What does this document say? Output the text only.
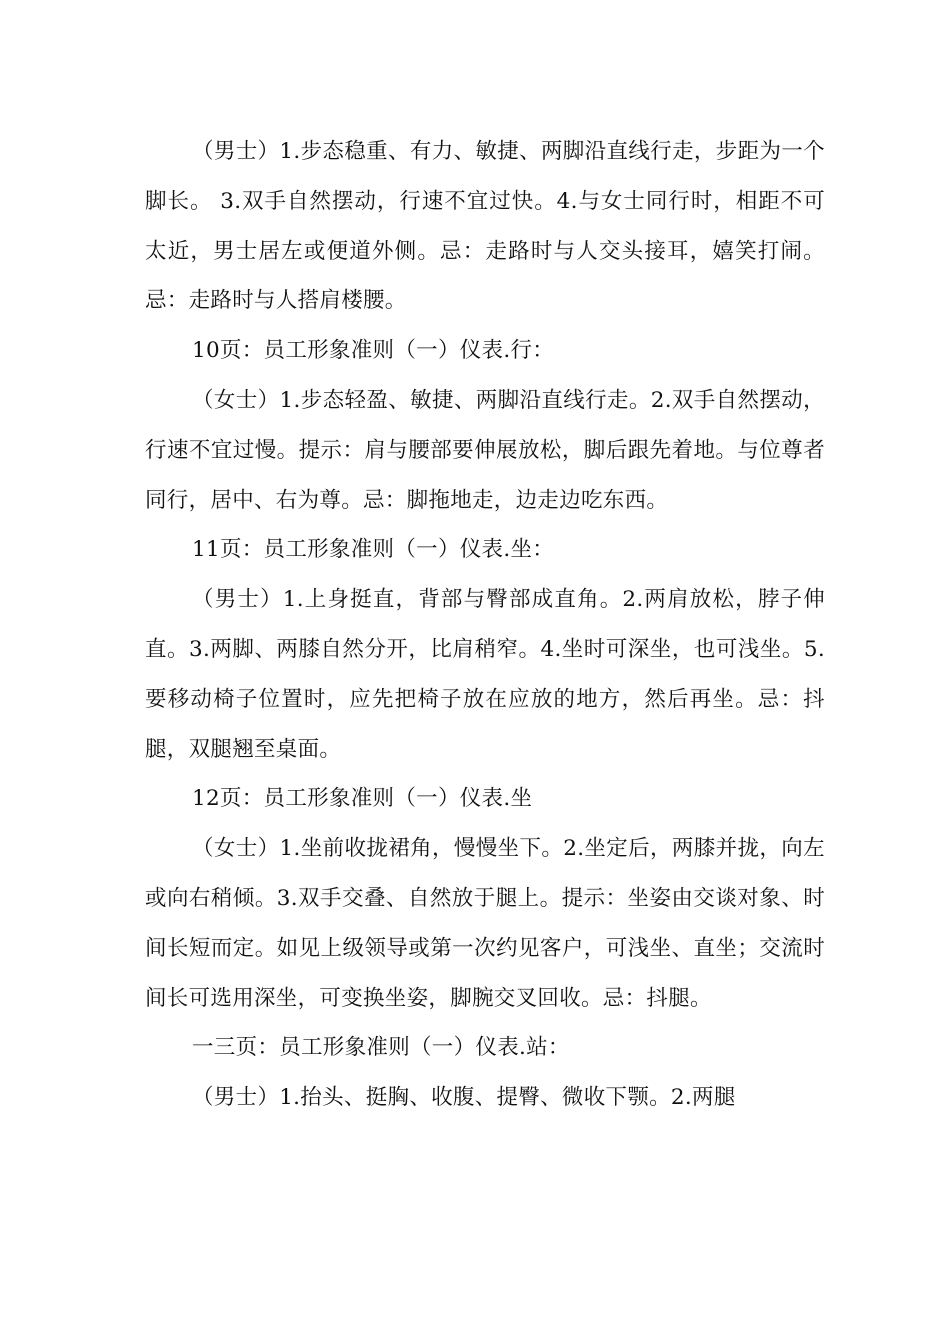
（男士）1.步态稳重、有力、敏捷、两脚沿直线行走，步距为一个脚长。 3.双手自然摆动，行速不宜过快。4.与女士同行时，相距不可太近，男士居左或便道外侧。忌：走路时与人交头接耳，嬉笑打闹。忌：走路时与人搭肩楼腰。

10页：员工形象准则（一）仪表.行：

（女士）1.步态轻盈、敏捷、两脚沿直线行走。2.双手自然摆动，行速不宜过慢。提示：肩与腰部要伸展放松，脚后跟先着地。与位尊者同行，居中、右为尊。忌：脚拖地走，边走边吃东西。

11页：员工形象准则（一）仪表.坐：

（男士）1.上身挺直，背部与臀部成直角。2.两肩放松，脖子伸直。3.两脚、两膝自然分开，比肩稍窄。4.坐时可深坐，也可浅坐。5.要移动椅子位置时，应先把椅子放在应放的地方，然后再坐。忌：抖腿，双腿翘至桌面。

12页：员工形象准则（一）仪表.坐

（女士）1.坐前收拢裙角，慢慢坐下。2.坐定后，两膝并拢，向左或向右稍倾。3.双手交叠、自然放于腿上。提示：坐姿由交谈对象、时间长短而定。如见上级领导或第一次约见客户，可浅坐、直坐；交流时间长可选用深坐，可变换坐姿，脚腕交叉回收。忌：抖腿。

一三页：员工形象准则（一）仪表.站：

（男士）1.抬头、挺胸、收腹、提臀、微收下颚。2.两腿
